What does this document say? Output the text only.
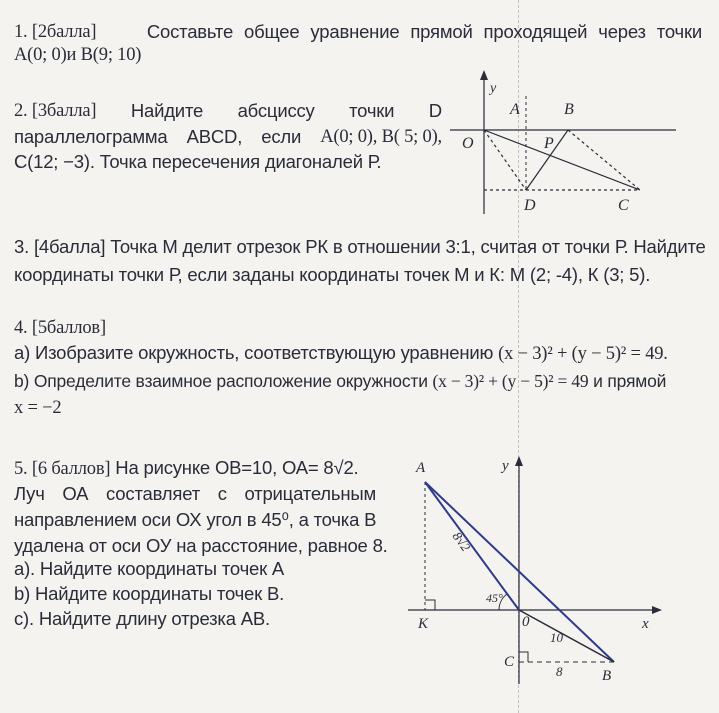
1. [2балла]	Составьте общее уравнение прямой проходящей через точки
A(0; 0)и B(9; 10)
2. [3балла] Найдите абсциссу точки D
параллелограмма ABCD, если A(0; 0), B( 5; 0),
C(12; −3). Точка пересечения диагоналей Р.
y
A	B
O	P
D	C
3. [4балла] Точка М делит отрезок РК в отношении 3:1, считая от точки Р. Найдите
координаты точки Р, если заданы координаты точек М и К: М (2; -4), К (3; 5).
4. [5баллов]
а) Изобразите окружность, соответствующую уравнению (x − 3)² + (y − 5)² = 49.
b) Определите взаимное расположение окружности (x − 3)² + (y − 5)² = 49 и прямой
x = −2
5. [6 баллов] На рисунке ОВ=10, ОА= 8√2.
Луч ОА составляет с отрицательным
направлением оси ОХ угол в 45⁰, а точка В
удалена от оси ОУ на расстояние, равное 8.
а). Найдите координаты точек А
b) Найдите координаты точек В.
с). Найдите длину отрезка АВ.
A	y
x
K	0
C
B
8√2
45°
10
8
